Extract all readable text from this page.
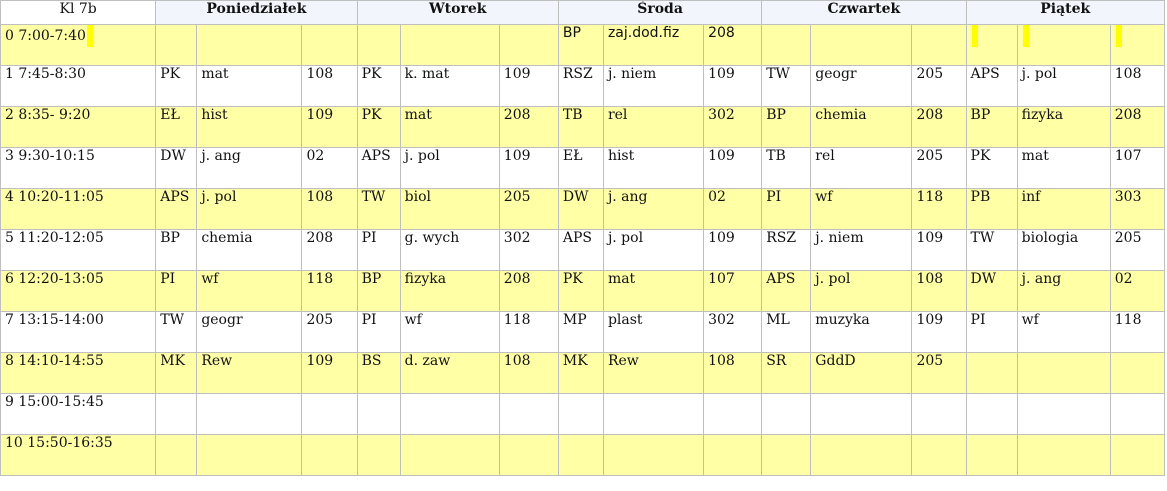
Kl 7b	Poniedziałek			Wtorek			Środa			Czwartek			Piątek		
0 7:00-7:40							BP	zaj.dod.fiz	208						
1 7:45-8:30	PK	mat	108	PK	k. mat	109	RSZ	j. niem	109	TW	geogr	205	APS	j. pol	108
2 8:35- 9:20	EŁ	hist	109	PK	mat	208	TB	rel	302	BP	chemia	208	BP	fizyka	208
3 9:30-10:15	DW	j. ang	02	APS	j. pol	109	EŁ	hist	109	TB	rel	205	PK	mat	107
4 10:20-11:05	APS	j. pol	108	TW	biol	205	DW	j. ang	02	PI	wf	118	PB	inf	303
5 11:20-12:05	BP	chemia	208	PI	g. wych	302	APS	j. pol	109	RSZ	j. niem	109	TW	biologia	205
6 12:20-13:05	PI	wf	118	BP	fizyka	208	PK	mat	107	APS	j. pol	108	DW	j. ang	02
7 13:15-14:00	TW	geogr	205	PI	wf	118	MP	plast	302	ML	muzyka	109	PI	wf	118
8 14:10-14:55	MK	Rew	109	BS	d. zaw	108	MK	Rew	108	SR	GddD	205			
9 15:00-15:45															
10 15:50-16:35															
